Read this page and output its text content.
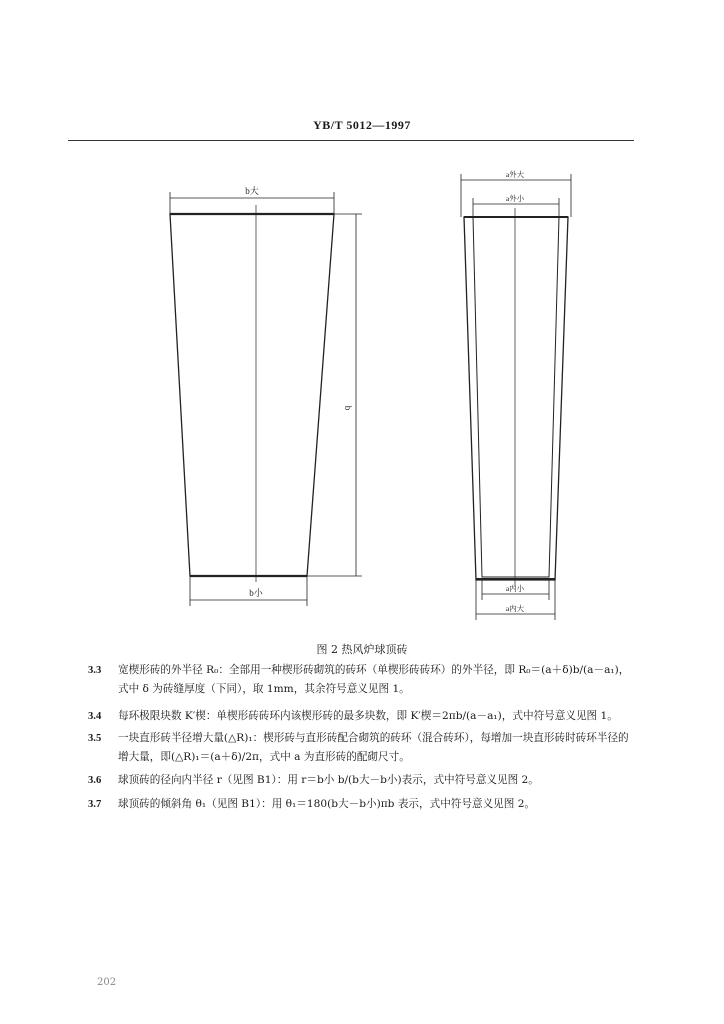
YB/T 5012—1997
b大
b小
b
a外大
a外小
a内小
a内大
图 2 热风炉球顶砖
3.3	宽楔形砖的外半径 R₀：全部用一种楔形砖砌筑的砖环（单楔形砖砖环）的外半径，即 R₀＝(a＋δ)b/(a－a₁)，式中 δ 为砖缝厚度（下同），取 1mm，其余符号意义见图 1。
3.4	每环极限块数 K′楔：单楔形砖砖环内该楔形砖的最多块数，即 K′楔＝2πb/(a－a₁)，式中符号意义见图 1。
3.5	一块直形砖半径增大量(△R)₁：楔形砖与直形砖配合砌筑的砖环（混合砖环），每增加一块直形砖时砖环半径的增大量，即(△R)₁＝(a＋δ)/2π，式中 a 为直形砖的配砌尺寸。
3.6	球顶砖的径向内半径 r（见图 B1）：用 r＝b小 b/(b大－b小)表示，式中符号意义见图 2。
3.7	球顶砖的倾斜角 θ₁（见图 B1）：用 θ₁＝180(b大－b小)πb 表示，式中符号意义见图 2。
202
